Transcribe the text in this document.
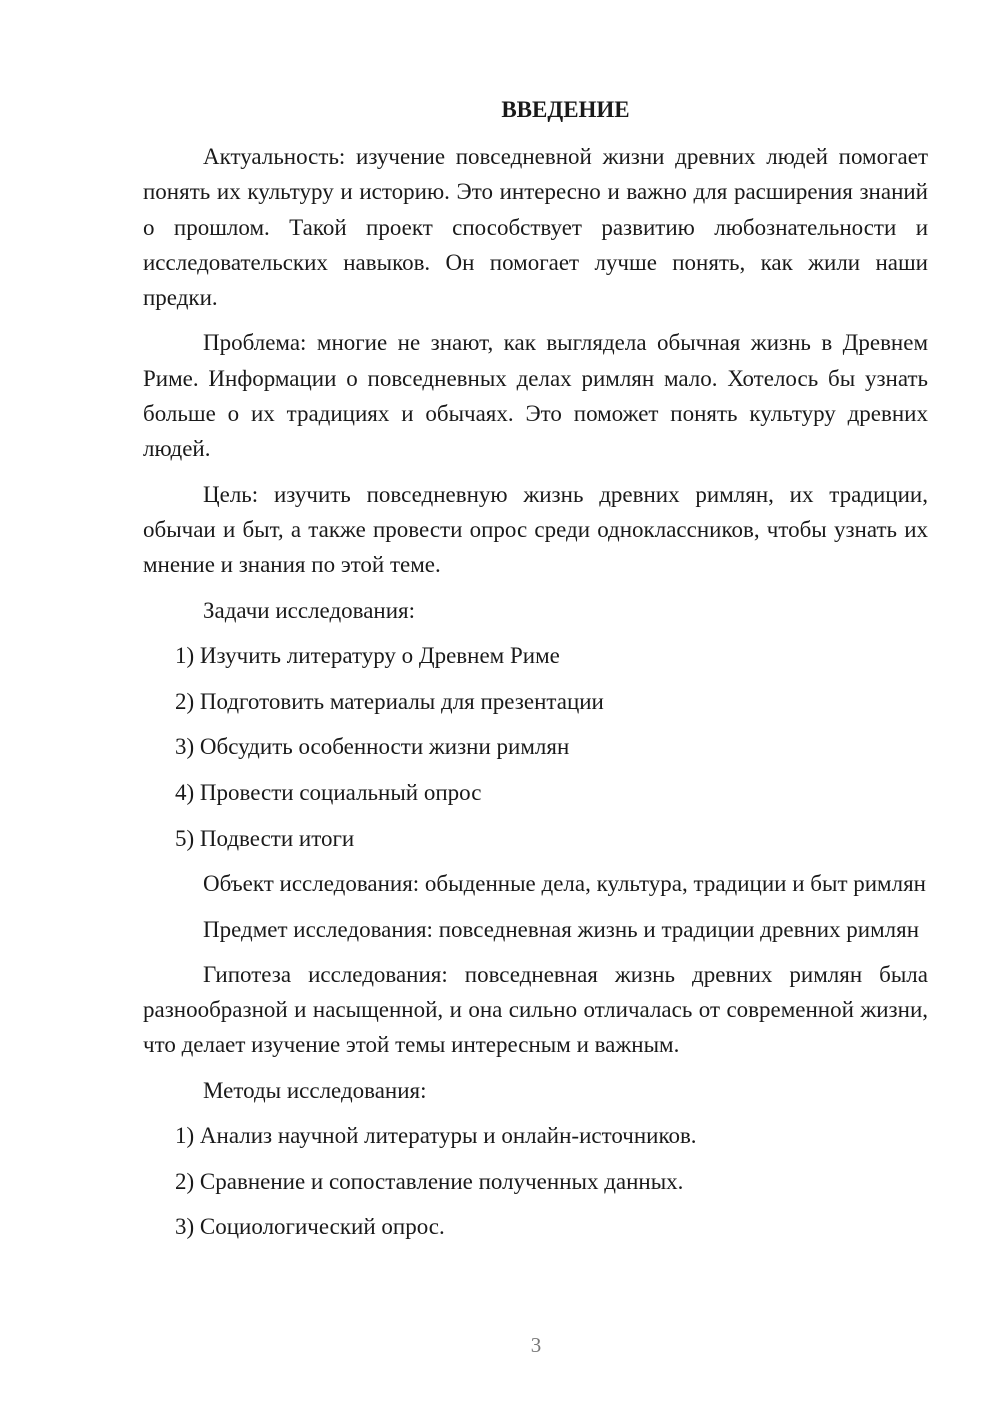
ВВЕДЕНИЕ

Актуальность: изучение повседневной жизни древних людей помогает понять их культуру и историю. Это интересно и важно для расширения знаний о прошлом. Такой проект способствует развитию любознательности и исследовательских навыков. Он помогает лучше понять, как жили наши предки.

Проблема: многие не знают, как выглядела обычная жизнь в Древнем Риме. Информации о повседневных делах римлян мало. Хотелось бы узнать больше о их традициях и обычаях. Это поможет понять культуру древних людей.

Цель: изучить повседневную жизнь древних римлян, их традиции, обычаи и быт, а также провести опрос среди одноклассников, чтобы узнать их мнение и знания по этой теме.

Задачи исследования:

1) Изучить литературу о Древнем Риме
2) Подготовить материалы для презентации
3) Обсудить особенности жизни римлян
4) Провести социальный опрос
5) Подвести итоги

Объект исследования: обыденные дела, культура, традиции и быт римлян

Предмет исследования: повседневная жизнь и традиции древних римлян

Гипотеза исследования: повседневная жизнь древних римлян была разнообразной и насыщенной, и она сильно отличалась от современной жизни, что делает изучение этой темы интересным и важным.

Методы исследования:

1) Анализ научной литературы и онлайн-источников.
2) Сравнение и сопоставление полученных данных.
3) Социологический опрос.
3
